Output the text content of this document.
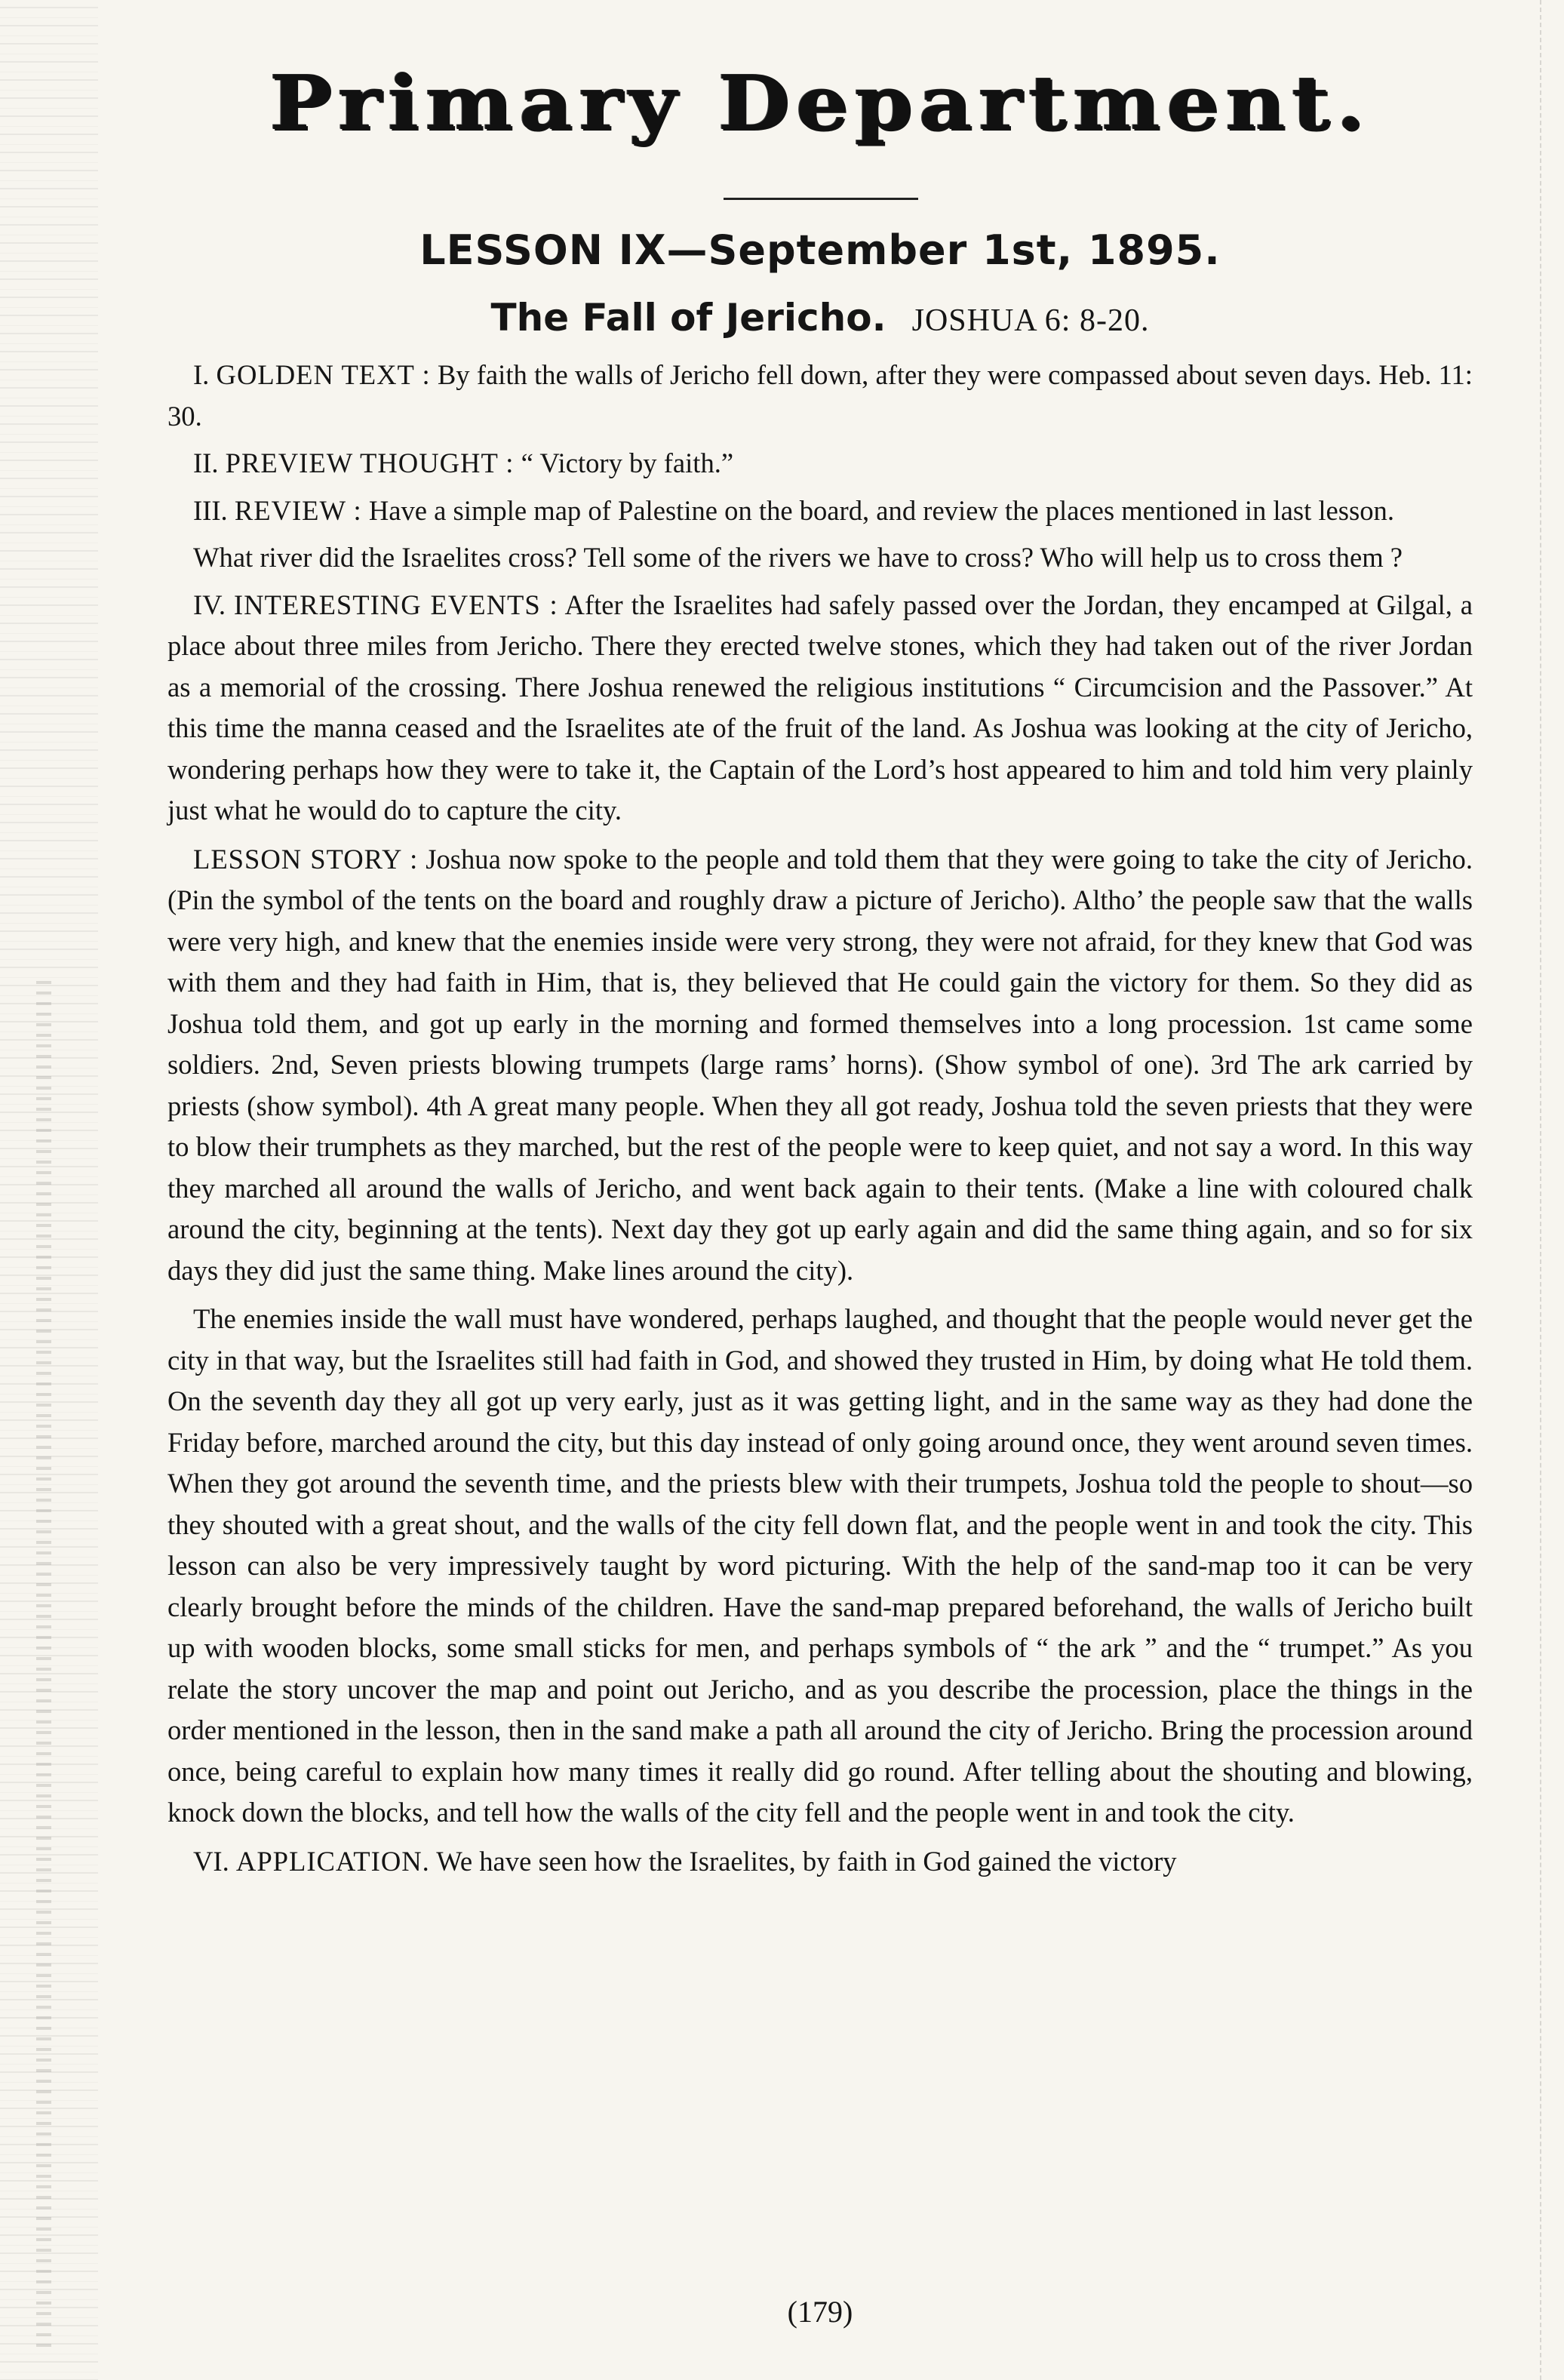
Primary Department.
LESSON IX—September 1st, 1895.
The Fall of Jericho. JOSHUA 6: 8-20.

I. GOLDEN TEXT : By faith the walls of Jericho fell down, after they were compassed about seven days. Heb. 11: 30.

II. PREVIEW THOUGHT : “ Victory by faith.”

III. REVIEW : Have a simple map of Palestine on the board, and review the places mentioned in last lesson.

What river did the Israelites cross? Tell some of the rivers we have to cross? Who will help us to cross them ?

IV. INTERESTING EVENTS : After the Israelites had safely passed over the Jordan, they encamped at Gilgal, a place about three miles from Jericho. There they erected twelve stones, which they had taken out of the river Jordan as a memorial of the crossing. There Joshua renewed the religious institutions “ Circumcision and the Passover.” At this time the manna ceased and the Israelites ate of the fruit of the land. As Joshua was looking at the city of Jericho, wondering perhaps how they were to take it, the Captain of the Lord’s host appeared to him and told him very plainly just what he would do to capture the city.

LESSON STORY : Joshua now spoke to the people and told them that they were going to take the city of Jericho. (Pin the symbol of the tents on the board and roughly draw a picture of Jericho). Altho’ the people saw that the walls were very high, and knew that the enemies inside were very strong, they were not afraid, for they knew that God was with them and they had faith in Him, that is, they believed that He could gain the victory for them. So they did as Joshua told them, and got up early in the morning and formed themselves into a long procession. 1st came some soldiers. 2nd, Seven priests blowing trumpets (large rams’ horns). (Show symbol of one). 3rd The ark carried by priests (show symbol). 4th A great many people. When they all got ready, Joshua told the seven priests that they were to blow their trumphets as they marched, but the rest of the people were to keep quiet, and not say a word. In this way they marched all around the walls of Jericho, and went back again to their tents. (Make a line with coloured chalk around the city, beginning at the tents). Next day they got up early again and did the same thing again, and so for six days they did just the same thing. Make lines around the city).

The enemies inside the wall must have wondered, perhaps laughed, and thought that the people would never get the city in that way, but the Israelites still had faith in God, and showed they trusted in Him, by doing what He told them. On the seventh day they all got up very early, just as it was getting light, and in the same way as they had done the Friday before, marched around the city, but this day instead of only going around once, they went around seven times. When they got around the seventh time, and the priests blew with their trumpets, Joshua told the people to shout—so they shouted with a great shout, and the walls of the city fell down flat, and the people went in and took the city. This lesson can also be very impressively taught by word picturing. With the help of the sand-map too it can be very clearly brought before the minds of the children. Have the sand-map prepared beforehand, the walls of Jericho built up with wooden blocks, some small sticks for men, and perhaps symbols of “ the ark ” and the “ trumpet.” As you relate the story uncover the map and point out Jericho, and as you describe the procession, place the things in the order mentioned in the lesson, then in the sand make a path all around the city of Jericho. Bring the procession around once, being careful to explain how many times it really did go round. After telling about the shouting and blowing, knock down the blocks, and tell how the walls of the city fell and the people went in and took the city.

VI. APPLICATION. We have seen how the Israelites, by faith in God gained the victory

(179)
